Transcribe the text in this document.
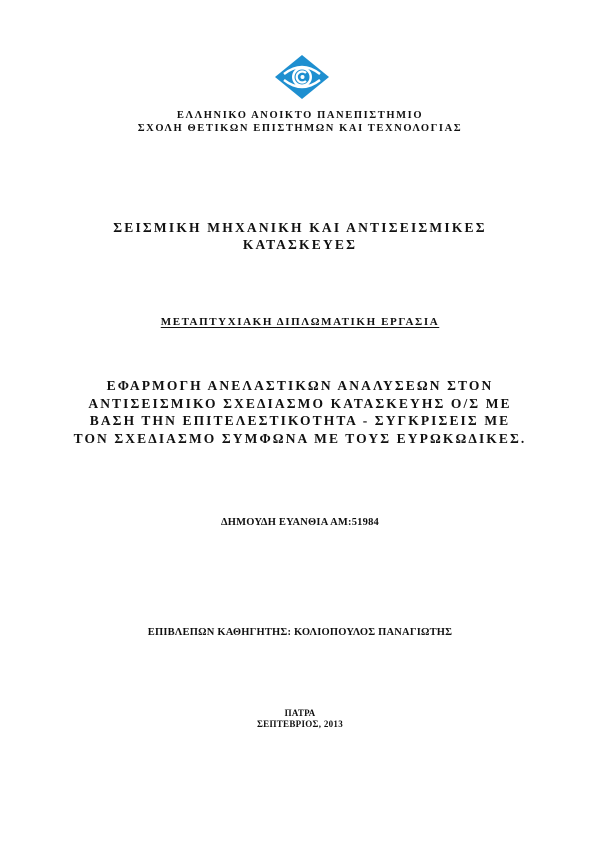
ΕΛΛΗΝΙΚΟ ΑΝΟΙΚΤΟ ΠΑΝΕΠΙΣΤΗΜΙΟ
ΣΧΟΛΗ ΘΕΤΙΚΩΝ ΕΠΙΣΤΗΜΩΝ ΚΑΙ ΤΕΧΝΟΛΟΓΙΑΣ
ΣΕΙΣΜΙΚΗ ΜΗΧΑΝΙΚΗ ΚΑΙ ΑΝΤΙΣΕΙΣΜΙΚΕΣ
ΚΑΤΑΣΚΕΥΕΣ
ΜΕΤΑΠΤΥΧΙΑΚΗ ΔΙΠΛΩΜΑΤΙΚΗ ΕΡΓΑΣΙΑ
ΕΦΑΡΜΟΓΗ ΑΝΕΛΑΣΤΙΚΩΝ ΑΝΑΛΥΣΕΩΝ ΣΤΟΝ
ΑΝΤΙΣΕΙΣΜΙΚΟ ΣΧΕΔΙΑΣΜΟ ΚΑΤΑΣΚΕΥΗΣ Ο/Σ ΜΕ
ΒΑΣΗ ΤΗΝ ΕΠΙΤΕΛΕΣΤΙΚΟΤΗΤΑ - ΣΥΓΚΡΙΣΕΙΣ ΜΕ
ΤΟΝ ΣΧΕΔΙΑΣΜΟ ΣΥΜΦΩΝΑ ΜΕ ΤΟΥΣ ΕΥΡΩΚΩΔΙΚΕΣ.
ΔΗΜΟΥΔΗ ΕΥΑΝΘΙΑ ΑΜ:51984
ΕΠΙΒΛΕΠΩΝ ΚΑΘΗΓΗΤΗΣ: ΚΟΛΙΟΠΟΥΛΟΣ ΠΑΝΑΓΙΩΤΗΣ
ΠΑΤΡΑ
ΣΕΠΤΕΒΡΙΟΣ, 2013
